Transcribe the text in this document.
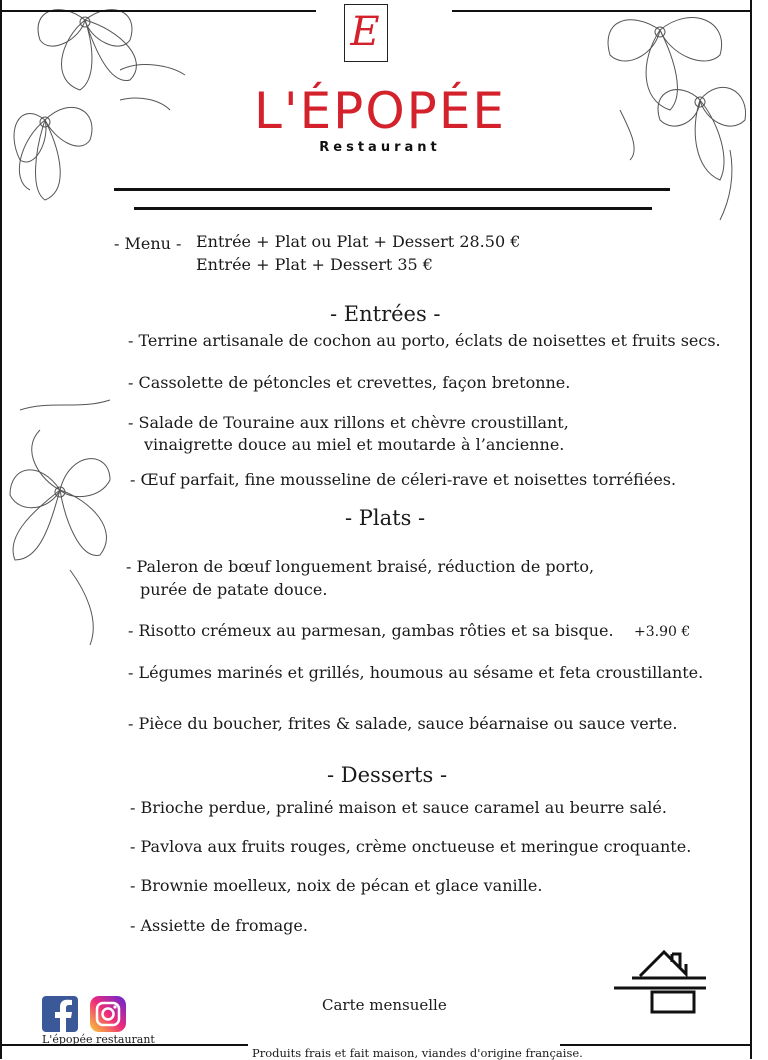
E
L'ÉPOPÉE
Restaurant
- Menu - Entrée + Plat ou Plat + Dessert 28.50 €
Entrée + Plat + Dessert 35 €
- Entrées -
- Terrine artisanale de cochon au porto, éclats de noisettes et fruits secs.
- Cassolette de pétoncles et crevettes, façon bretonne.
- Salade de Touraine aux rillons et chèvre croustillant,
vinaigrette douce au miel et moutarde à l’ancienne.
- Œuf parfait, fine mousseline de céleri-rave et noisettes torréfiées.
- Plats -
- Paleron de bœuf longuement braisé, réduction de porto,
purée de patate douce.
- Risotto crémeux au parmesan, gambas rôties et sa bisque. +3.90 €
- Légumes marinés et grillés, houmous au sésame et feta croustillante.
- Pièce du boucher, frites & salade, sauce béarnaise ou sauce verte.
- Desserts -
- Brioche perdue, praliné maison et sauce caramel au beurre salé.
- Pavlova aux fruits rouges, crème onctueuse et meringue croquante.
- Brownie moelleux, noix de pécan et glace vanille.
- Assiette de fromage.
Carte mensuelle
L'épopée restaurant
Produits frais et fait maison, viandes d'origine française.
